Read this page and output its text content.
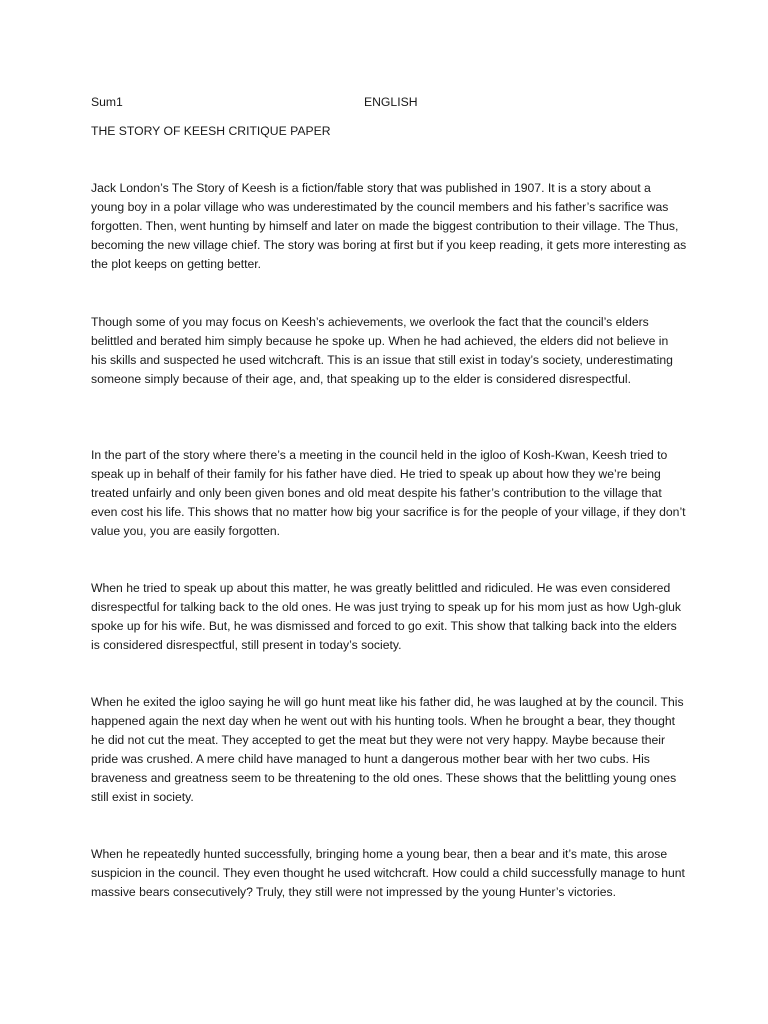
Sum1	ENGLISH
THE STORY OF KEESH CRITIQUE PAPER

Jack London’s The Story of Keesh is a fiction/fable story that was published in 1907. It is a story about a young boy in a polar village who was underestimated by the council members and his father’s sacrifice was forgotten. Then, went hunting by himself and later on made the biggest contribution to their village. The Thus, becoming the new village chief. The story was boring at first but if you keep reading, it gets more interesting as the plot keeps on getting better.

Though some of you may focus on Keesh’s achievements, we overlook the fact that the council’s elders belittled and berated him simply because he spoke up. When he had achieved, the elders did not believe in his skills and suspected he used witchcraft. This is an issue that still exist in today’s society, underestimating someone simply because of their age, and, that speaking up to the elder is considered disrespectful.

In the part of the story where there’s a meeting in the council held in the igloo of Kosh-Kwan, Keesh tried to speak up in behalf of their family for his father have died. He tried to speak up about how they we’re being treated unfairly and only been given bones and old meat despite his father’s contribution to the village that even cost his life. This shows that no matter how big your sacrifice is for the people of your village, if they don’t value you, you are easily forgotten.

When he tried to speak up about this matter, he was greatly belittled and ridiculed. He was even considered disrespectful for talking back to the old ones. He was just trying to speak up for his mom just as how Ugh-gluk spoke up for his wife. But, he was dismissed and forced to go exit. This show that talking back into the elders is considered disrespectful, still present in today’s society.

When he exited the igloo saying he will go hunt meat like his father did, he was laughed at by the council. This happened again the next day when he went out with his hunting tools. When he brought a bear, they thought he did not cut the meat. They accepted to get the meat but they were not very happy. Maybe because their pride was crushed. A mere child have managed to hunt a dangerous mother bear with her two cubs. His braveness and greatness seem to be threatening to the old ones. These shows that the belittling young ones still exist in society.

When he repeatedly hunted successfully, bringing home a young bear, then a bear and it’s mate, this arose suspicion in the council. They even thought he used witchcraft. How could a child successfully manage to hunt massive bears consecutively? Truly, they still were not impressed by the young Hunter’s victories.
